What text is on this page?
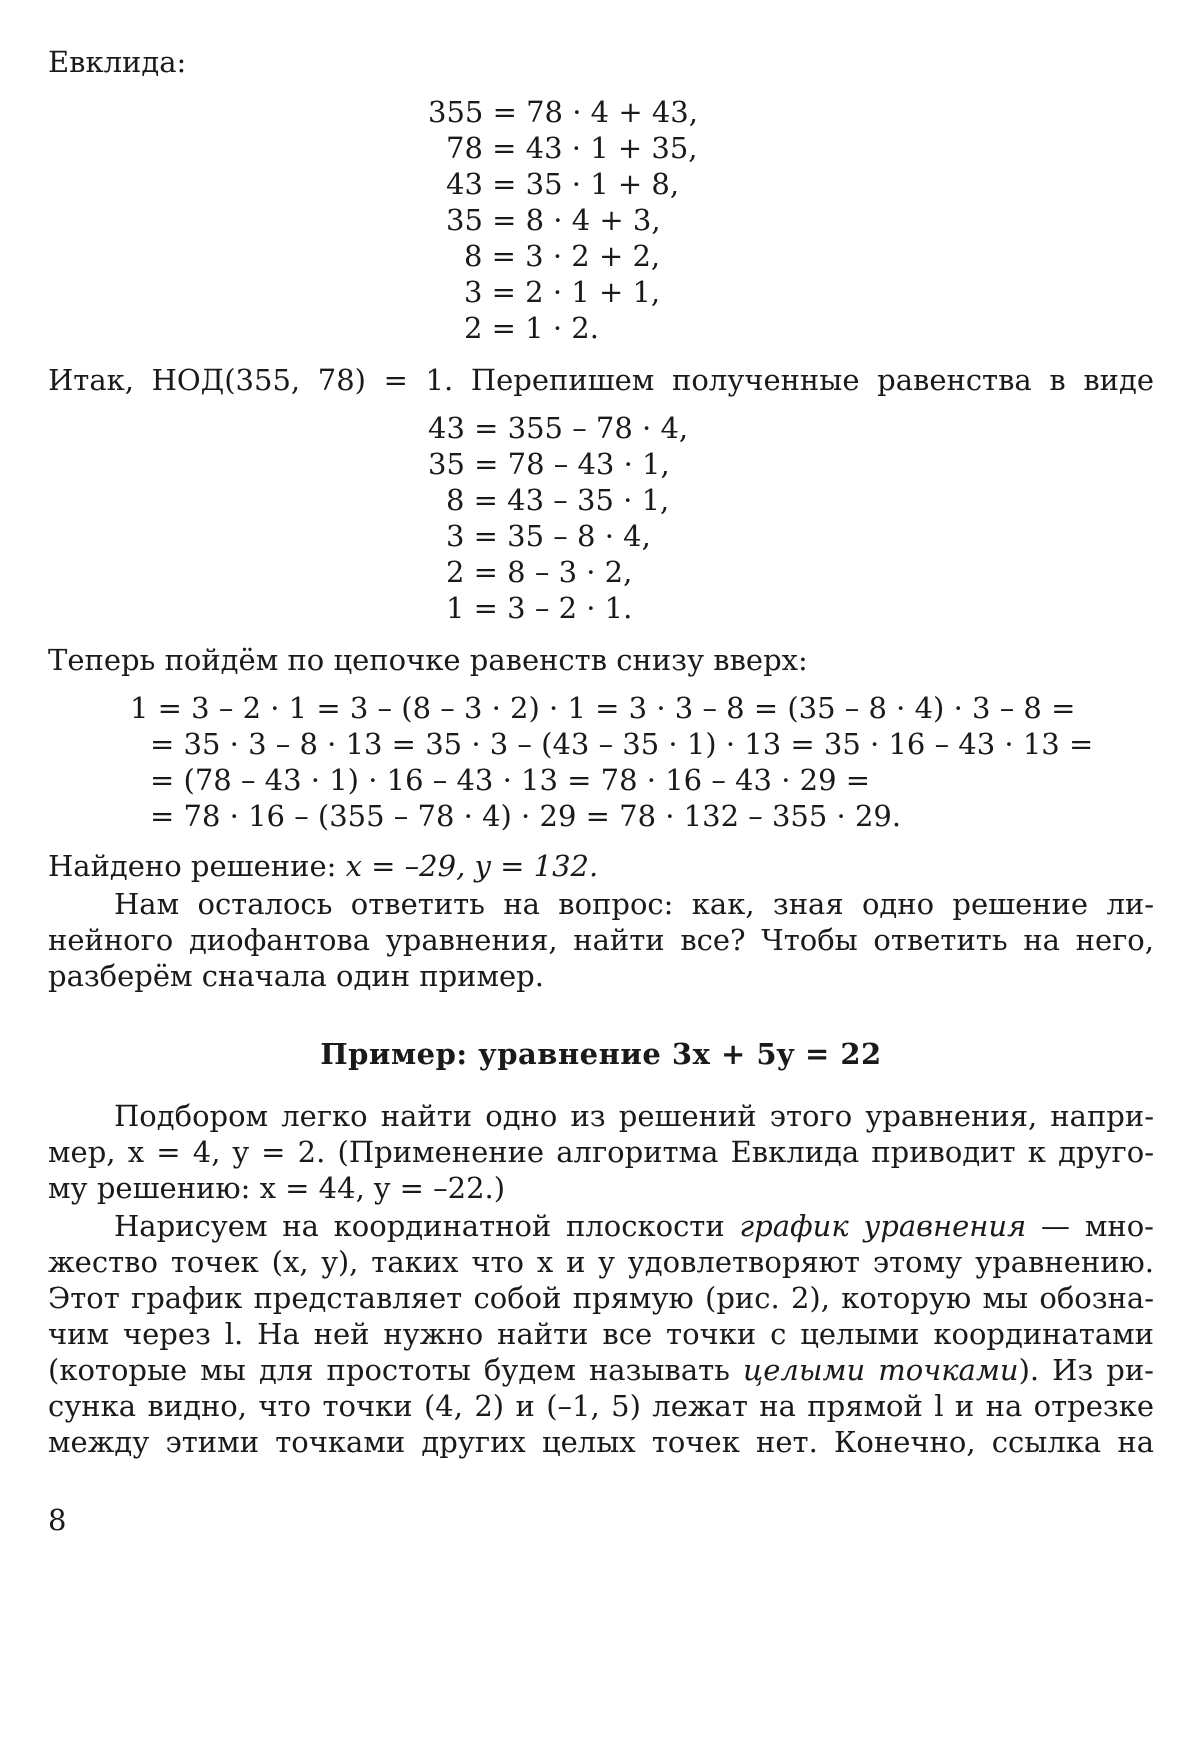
Евклида:
355 = 78 · 4 + 43,
78 = 43 · 1 + 35,
43 = 35 · 1 + 8,
35 = 8 · 4 + 3,
8 = 3 · 2 + 2,
3 = 2 · 1 + 1,
2 = 1 · 2.
Итак, НОД(355, 78) = 1. Перепишем полученные равенства в виде
43 = 355 – 78 · 4,
35 = 78 – 43 · 1,
8 = 43 – 35 · 1,
3 = 35 – 8 · 4,
2 = 8 – 3 · 2,
1 = 3 – 2 · 1.
Теперь пойдём по цепочке равенств снизу вверх:
1 = 3 – 2 · 1 = 3 – (8 – 3 · 2) · 1 = 3 · 3 – 8 = (35 – 8 · 4) · 3 – 8 =
= 35 · 3 – 8 · 13 = 35 · 3 – (43 – 35 · 1) · 13 = 35 · 16 – 43 · 13 =
= (78 – 43 · 1) · 16 – 43 · 13 = 78 · 16 – 43 · 29 =
= 78 · 16 – (355 – 78 · 4) · 29 = 78 · 132 – 355 · 29.
Найдено решение: x = –29, y = 132.
Нам осталось ответить на вопрос: как, зная одно решение ли-
нейного диофантова уравнения, найти все? Чтобы ответить на него,
разберём сначала один пример.
Пример: уравнение 3x + 5y = 22
Подбором легко найти одно из решений этого уравнения, напри-
мер, x = 4, y = 2. (Применение алгоритма Евклида приводит к друго-
му решению: x = 44, y = –22.)
Нарисуем на координатной плоскости график уравнения — мно-
жество точек (x, y), таких что x и y удовлетворяют этому уравнению.
Этот график представляет собой прямую (рис. 2), которую мы обозна-
чим через l. На ней нужно найти все точки с целыми координатами
(которые мы для простоты будем называть целыми точками). Из ри-
сунка видно, что точки (4, 2) и (–1, 5) лежат на прямой l и на отрезке
между этими точками других целых точек нет. Конечно, ссылка на
8
